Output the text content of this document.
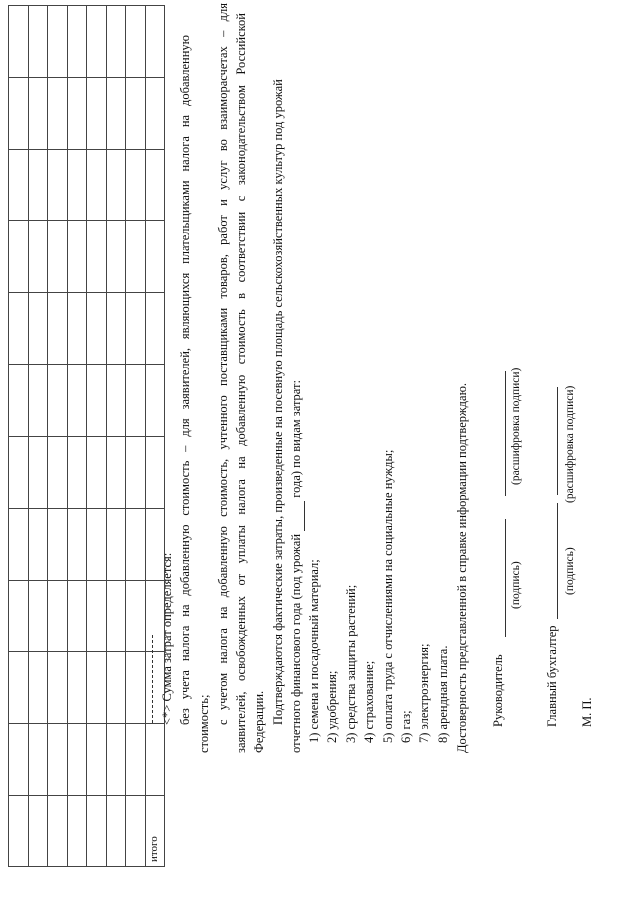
итого											
<*> Сумма затрат определяется: без учета налога на добавленную стоимость – для заявителей, являющихся плательщиками налога на добавленную стоимость; с учетом налога на добавленную стоимость, учтенного поставщиками товаров, работ и услуг во взаиморасчетах – для заявителей, освобожденных от уплаты налога на добавленную стоимость в соответствии с законодательством Российской Федерации. Подтверждаются фактические затраты, произведенные на посевную площадь сельскохозяйственных культур под урожай отчетного финансового года (под урожай  года) по видам затрат:
1) семена и посадочный материал; 2) удобрения; 3) средства защиты растений; 4) страхование; 5) оплата труда с отчислениями на социальные нужды; 6) газ; 7) электроэнергия; 8) арендная плата. Достоверность представленной в справке информации подтверждаю. Руководитель
(подпись)
(расшифровка подписи)
Главный бухгалтер
(подпись)
(расшифровка подписи)
М. П.
